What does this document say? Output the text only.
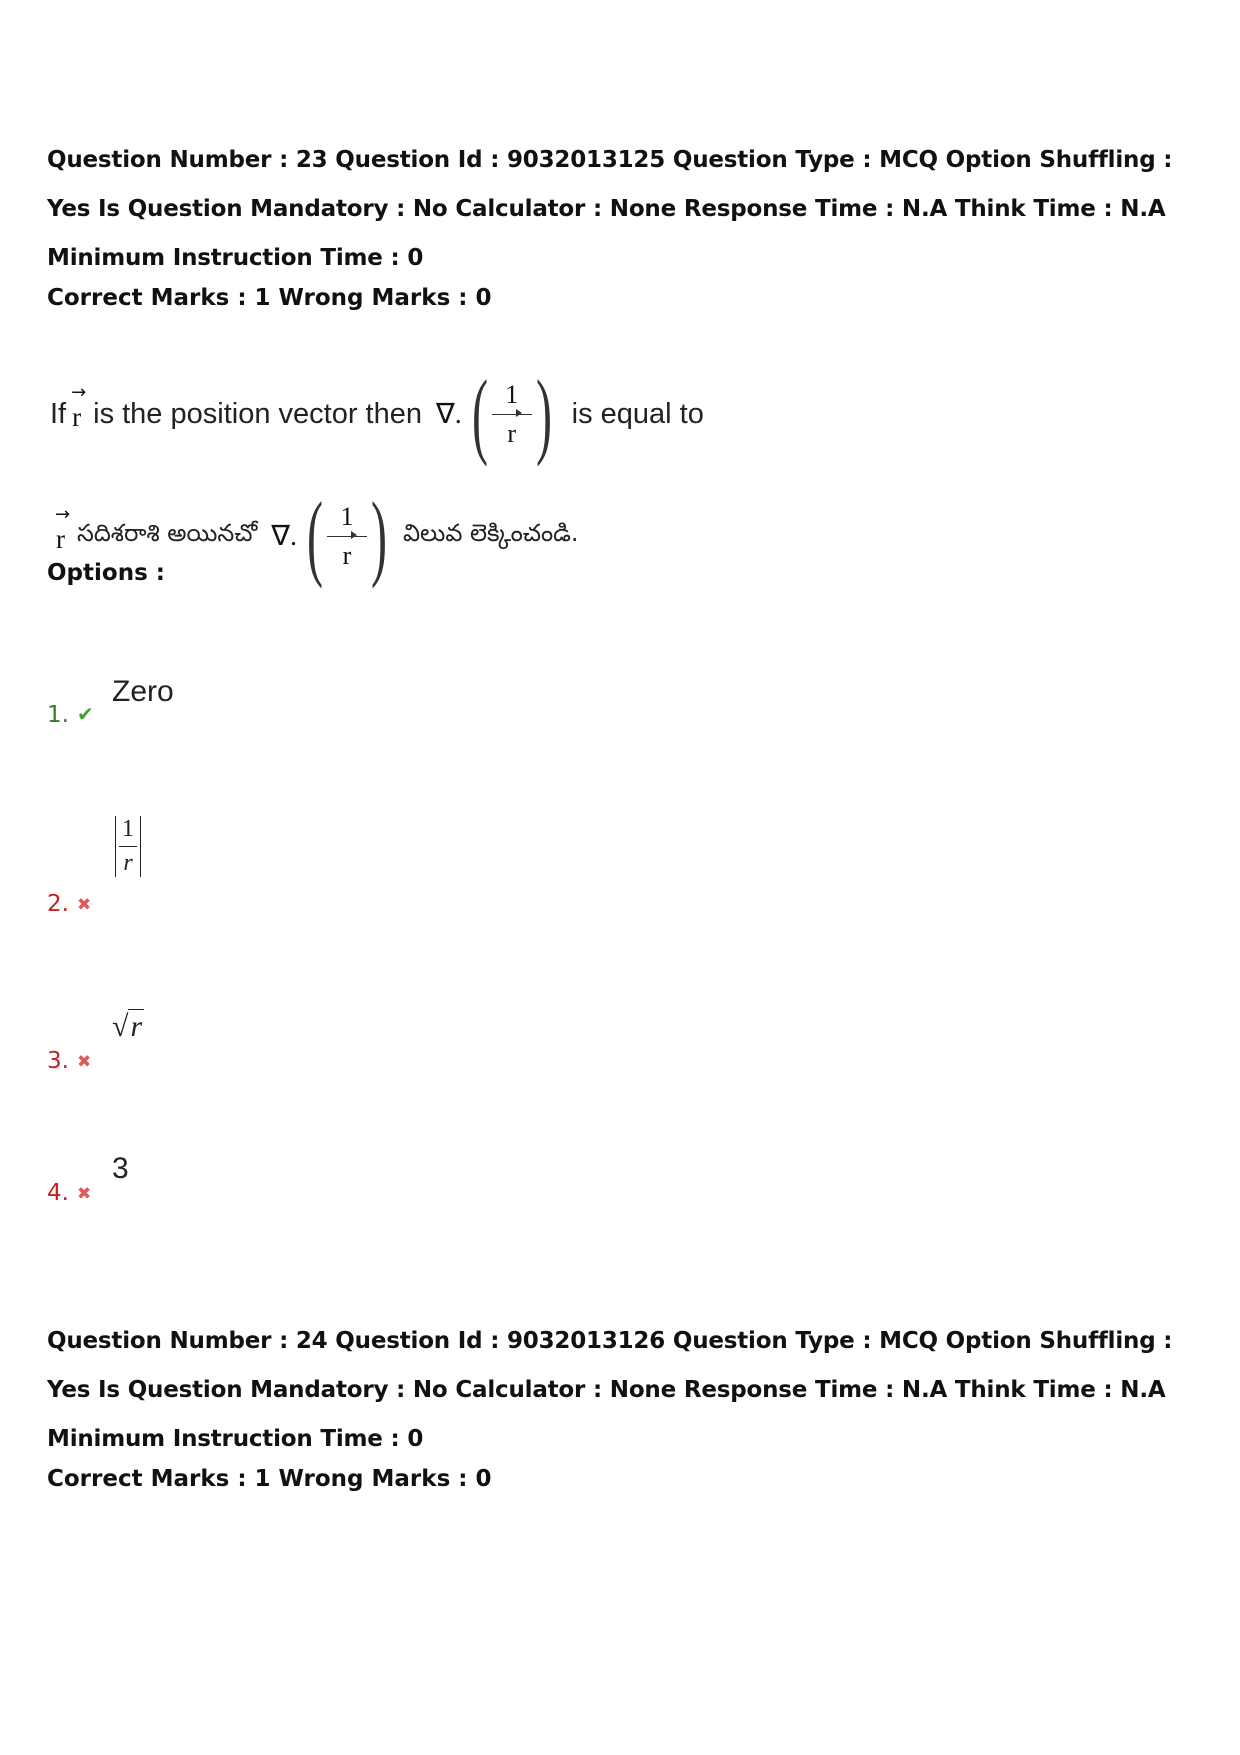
Question Number : 23 Question Id : 9032013125 Question Type : MCQ Option Shuffling : Yes Is Question Mandatory : No Calculator : None Response Time : N.A Think Time : N.A Minimum Instruction Time : 0
Correct Marks : 1 Wrong Marks : 0
If
→
r is the position vector then ∇. ( $\frac{1}{r}$ ) is equal to
→
r సదిశరాశి అయినచో ∇. ( $\frac{1}{r}$ ) విలువ లెక్కించండి.
Options :
1. ✔
Zero
2. ✖
1
r
3. ✖
√r
4. ✖
3
Question Number : 24 Question Id : 9032013126 Question Type : MCQ Option Shuffling : Yes Is Question Mandatory : No Calculator : None Response Time : N.A Think Time : N.A Minimum Instruction Time : 0
Correct Marks : 1 Wrong Marks : 0
